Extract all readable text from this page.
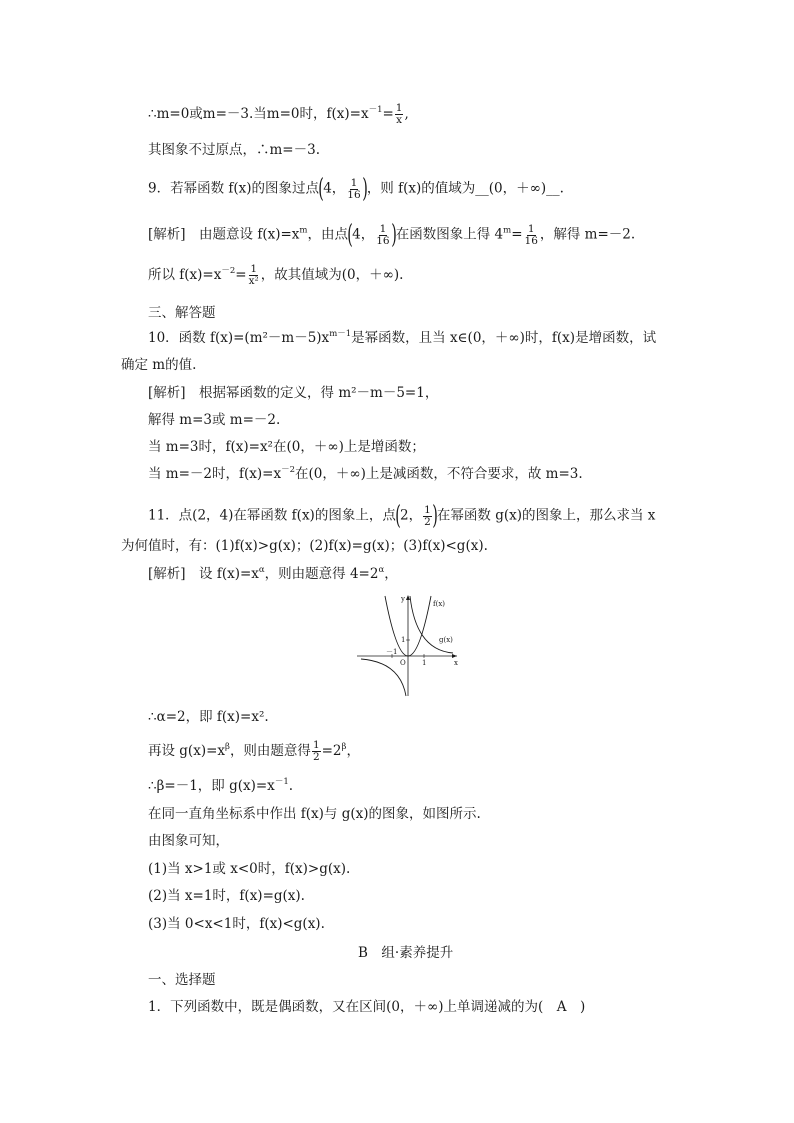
∴m=0或m=－3.当m=0时，$f(x)=x^{-1}= \frac{1}{x}$ ,
其图象不过原点，∴m=－3.
9．若幂函数 f(x)的图象过点(4， $\frac{1}{16}$ )，则 f(x)的值域为__(0，＋∞)__.
[解析]　由题意设 $f(x)=x^m$，由点(4， $\frac{1}{16}$ )在函数图象上得 $4^m= \frac{1}{16}$ ，解得 m=－2.
所以 $f(x)=x^{-2}= \frac{1}{\text{x²}}$ ，故其值域为(0，＋∞).
三、解答题
10．函数 $f(x)=(m^2-m-5)x^{m-1}$是幂函数，且当 x∈(0，＋∞)时，f(x)是增函数，试
确定 m的值.
[解析]　根据幂函数的定义，得 m²－m－5=1，
解得 m=3或 m=－2.
当 m=3时，f(x)=x²在(0，＋∞)上是增函数；
当 m=－2时，$f(x)=x^{-2}$在(0，＋∞)上是减函数，不符合要求，故 m=3.
11．点(2，4)在幂函数 f(x)的图象上，点(2， $\frac{1}{2}$ )在幂函数 g(x)的图象上，那么求当 x
为何值时，有：(1)f(x)>g(x)；(2)f(x)=g(x)；(3)f(x)<g(x).
[解析]　设 $f(x)=x^\alpha$，则由题意得 $4=2^\alpha$，
y
x
O
－1
1
1
f(x)
g(x)
∴α=2，即 f(x)=x².
再设 $g(x)=x^\beta$，则由题意得 $\frac{1}{2} =2^\beta$，
∴β=－1，即 $g(x)=x^{-1}$.
在同一直角坐标系中作出 f(x)与 g(x)的图象，如图所示.
由图象可知，
(1)当 x>1或 x<0时，f(x)>g(x).
(2)当 x=1时，f(x)=g(x).
(3)当 0<x<1时，f(x)<g(x).
B　组·素养提升
一、选择题
1．下列函数中，既是偶函数，又在区间(0，＋∞)上单调递减的为(　A　)
